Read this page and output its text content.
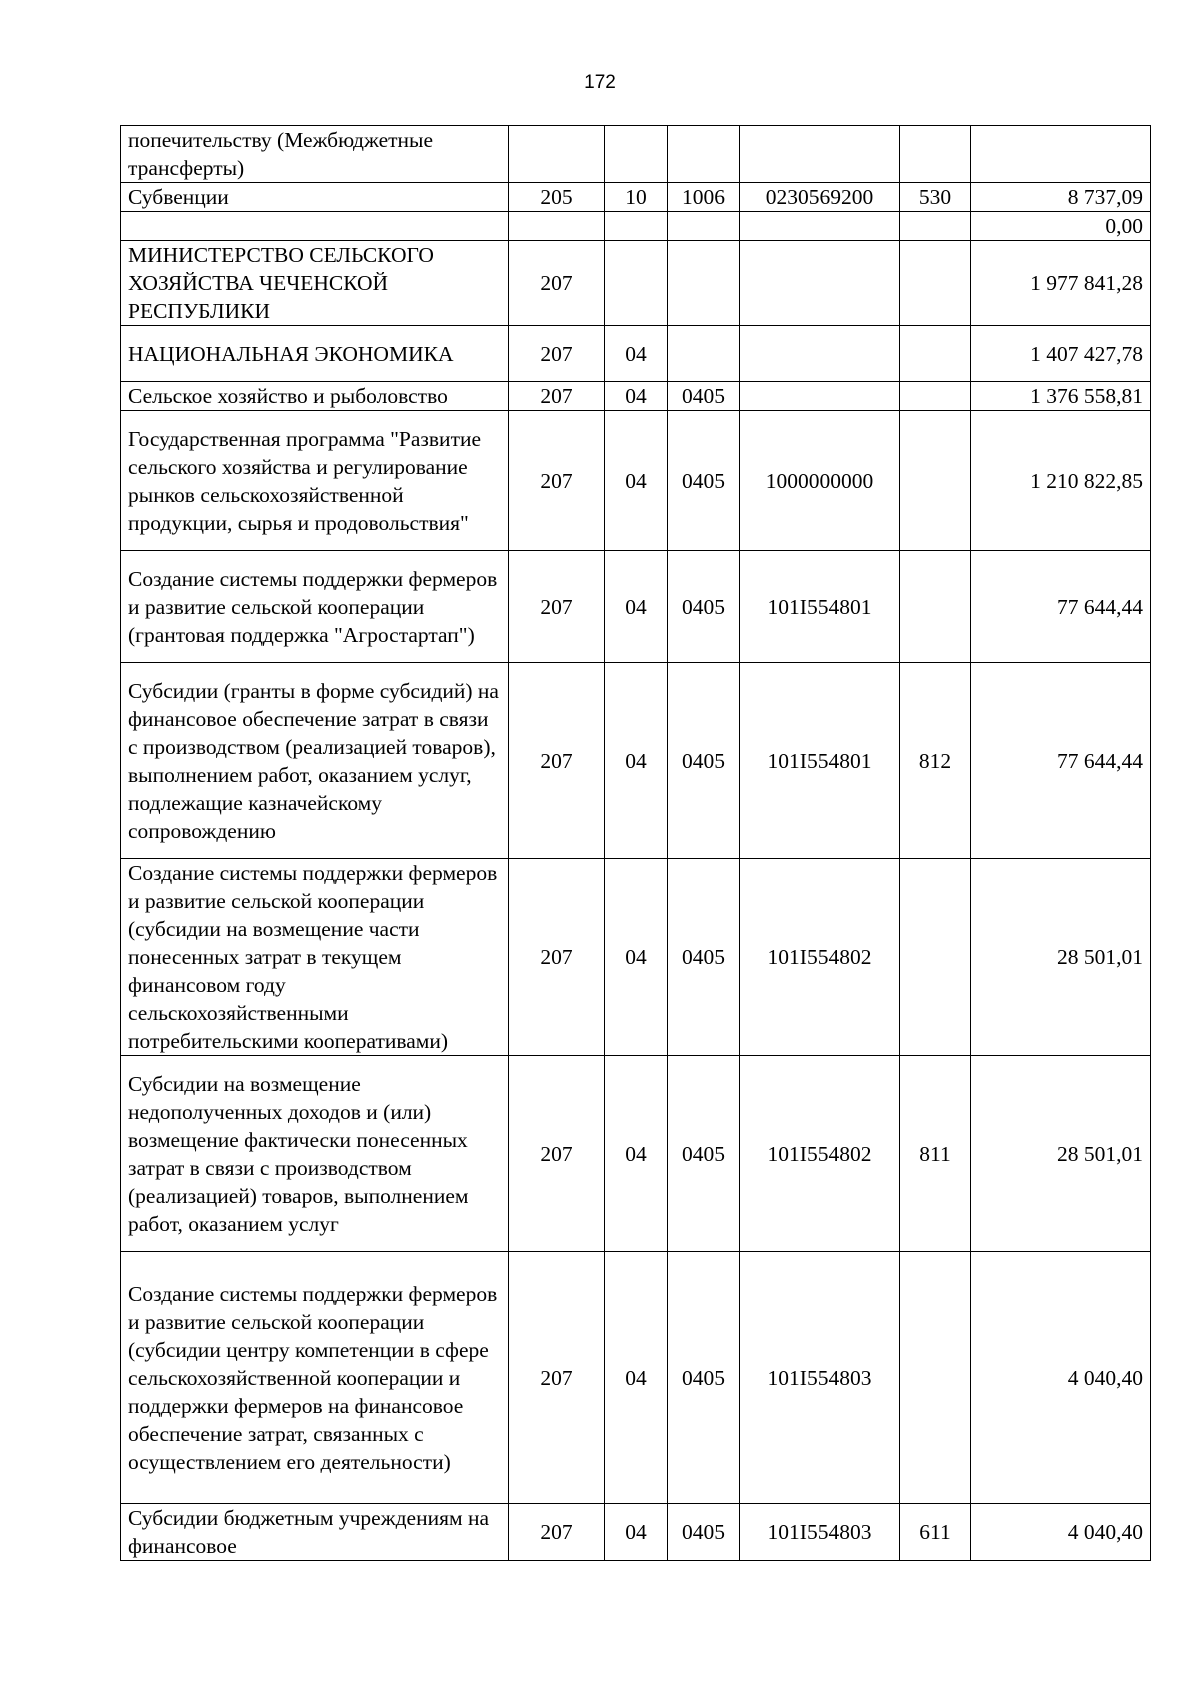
172
попечительству (Межбюджетные трансферты)						
Субвенции	205	10	1006	0230569200	530	8 737,09
						0,00
МИНИСТЕРСТВО СЕЛЬСКОГО ХОЗЯЙСТВА ЧЕЧЕНСКОЙ РЕСПУБЛИКИ	207					1 977 841,28
НАЦИОНАЛЬНАЯ ЭКОНОМИКА	207	04				1 407 427,78
Сельское хозяйство и рыболовство	207	04	0405			1 376 558,81
Государственная программа "Развитие сельского хозяйства и регулирование рынков сельскохозяйственной продукции, сырья и продовольствия"	207	04	0405	1000000000		1 210 822,85
Создание системы поддержки фермеров и развитие сельской кооперации (грантовая поддержка "Агростартап")	207	04	0405	101I554801		77 644,44
Субсидии (гранты в форме субсидий) на финансовое обеспечение затрат в связи с производством (реализацией товаров), выполнением работ, оказанием услуг, подлежащие казначейскому сопровождению	207	04	0405	101I554801	812	77 644,44
Создание системы поддержки фермеров и развитие сельской кооперации (субсидии на возмещение части понесенных затрат в текущем финансовом году сельскохозяйственными потребительскими кооперативами)	207	04	0405	101I554802		28 501,01
Субсидии на возмещение недополученных доходов и (или) возмещение фактически понесенных затрат в связи с производством (реализацией) товаров, выполнением работ, оказанием услуг	207	04	0405	101I554802	811	28 501,01
Создание системы поддержки фермеров и развитие сельской кооперации (субсидии центру компетенции в сфере сельскохозяйственной кооперации и поддержки фермеров на финансовое обеспечение затрат, связанных с осуществлением его деятельности)	207	04	0405	101I554803		4 040,40
Субсидии бюджетным учреждениям на финансовое	207	04	0405	101I554803	611	4 040,40
